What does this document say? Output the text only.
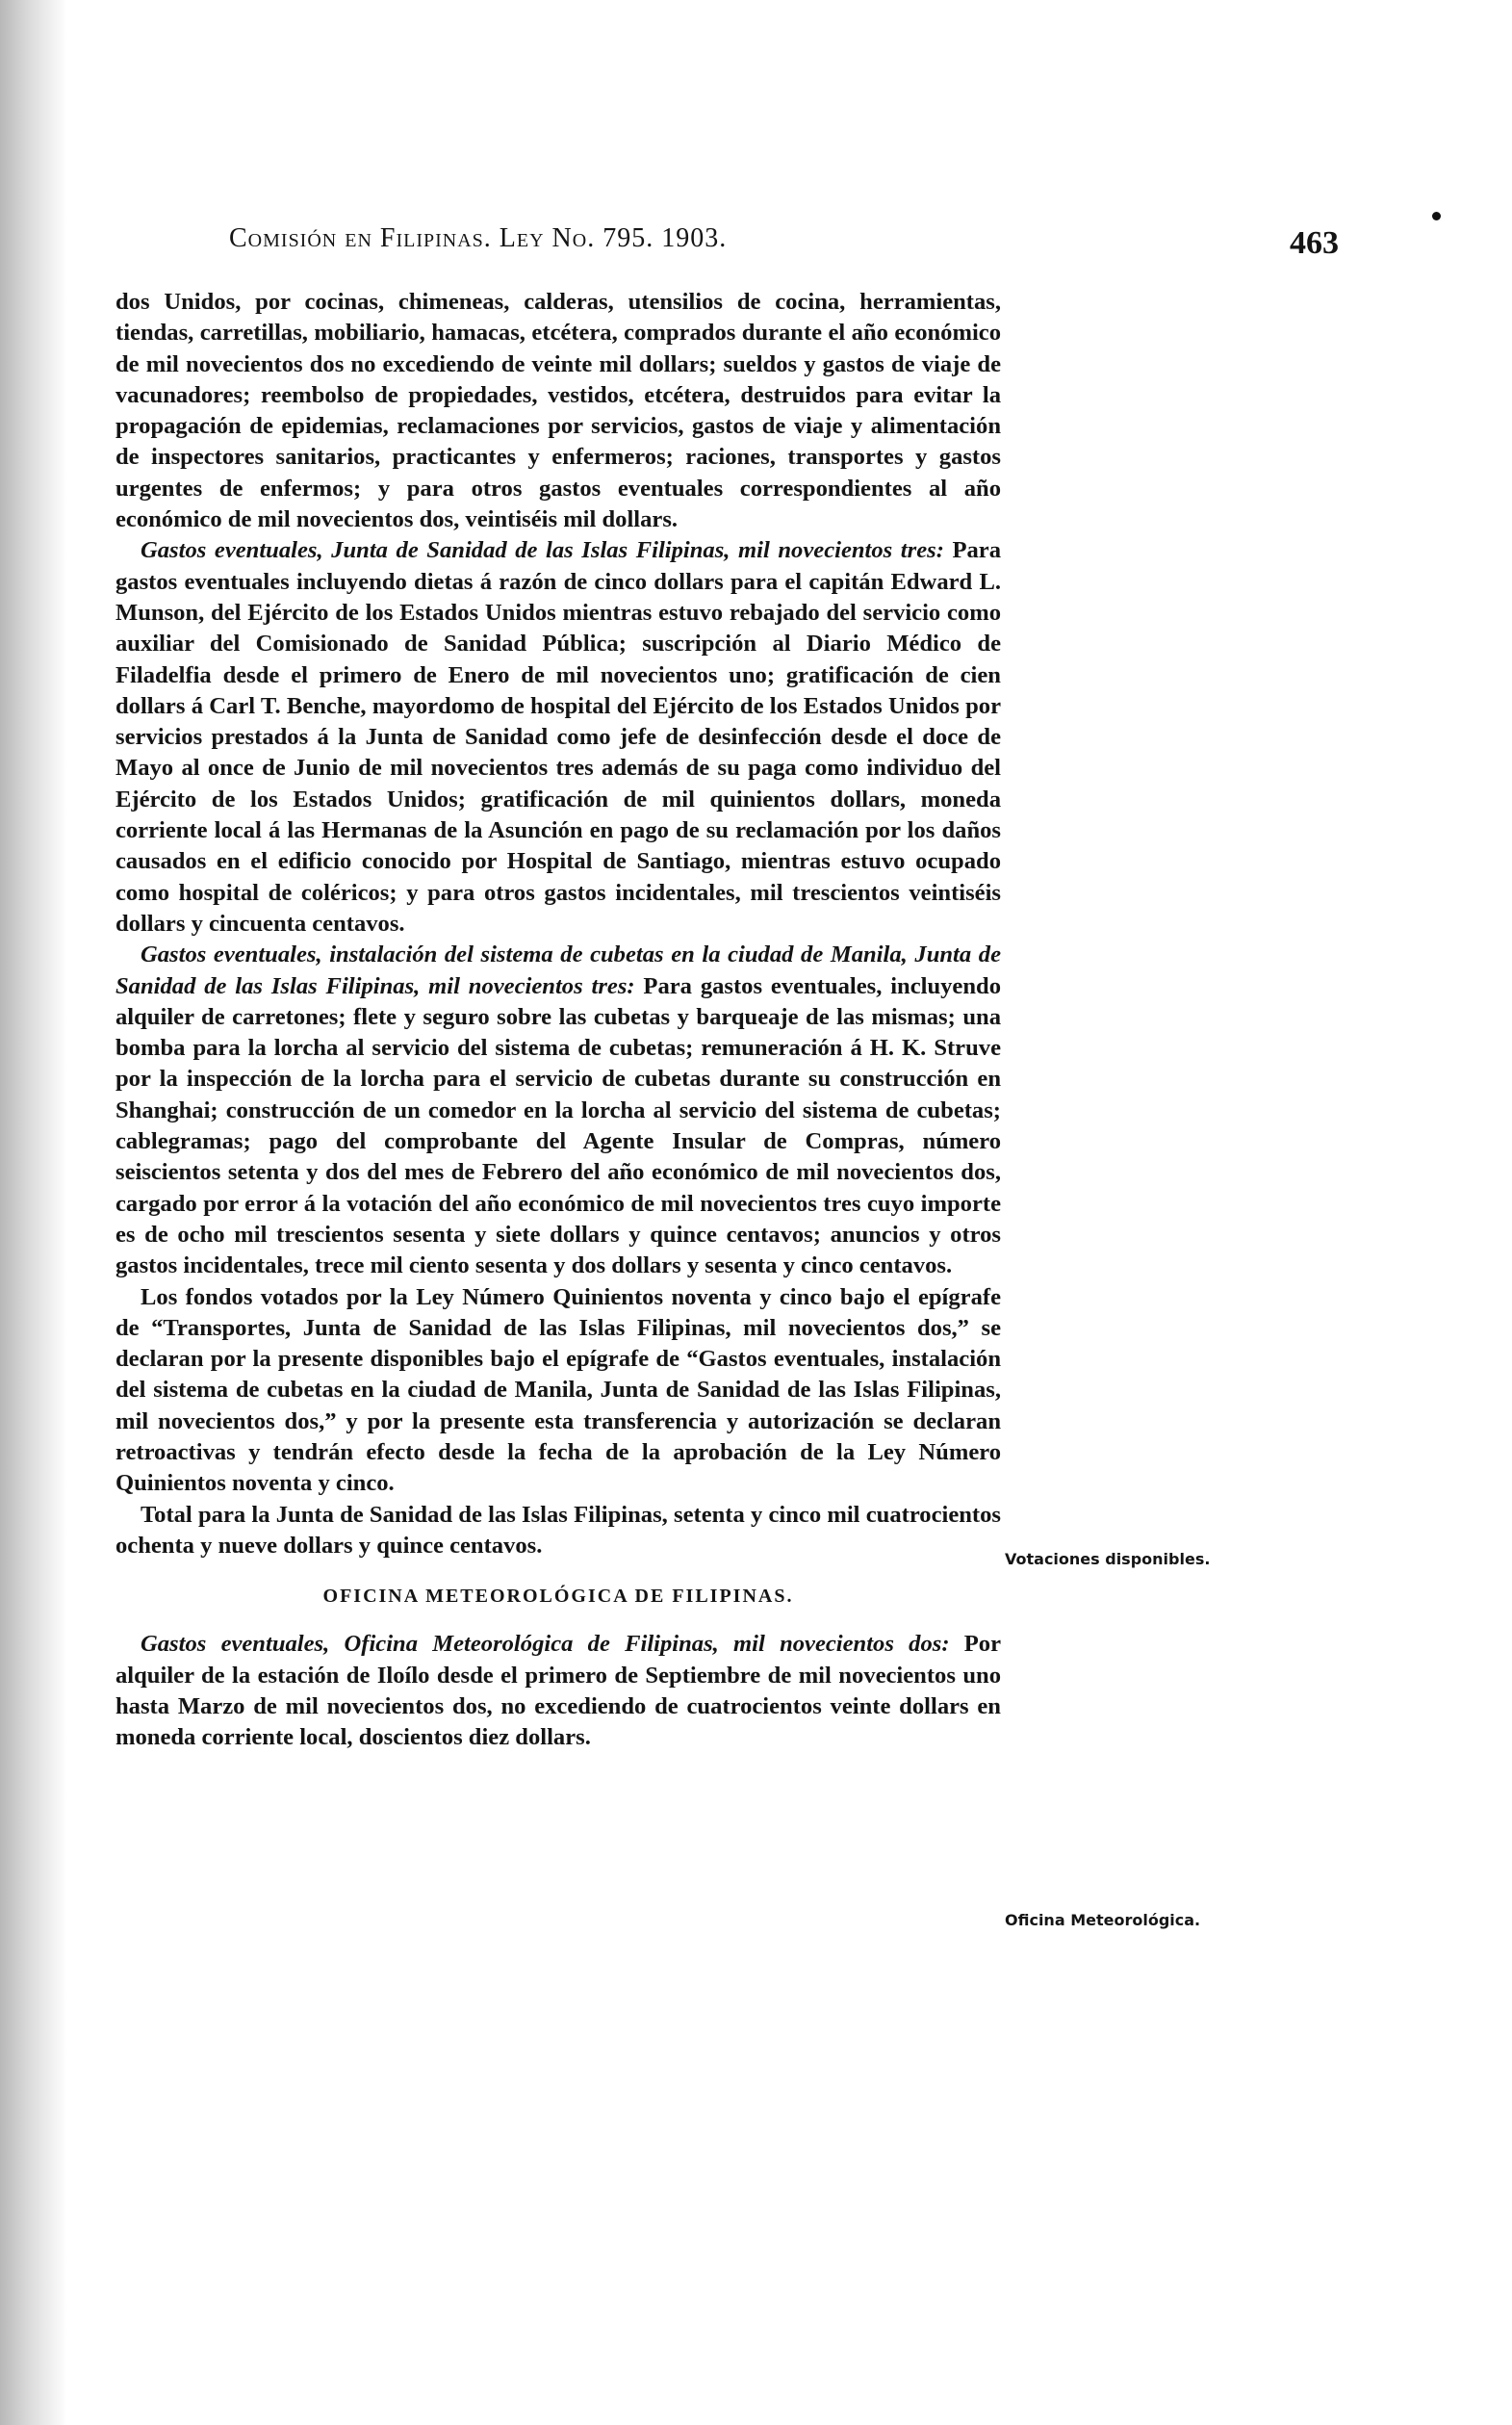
Comisión en Filipinas. Ley No. 795. 1903.	463

dos Unidos, por cocinas, chimeneas, calderas, utensilios de cocina, herramientas, tiendas, carretillas, mobiliario, hamacas, etcétera, comprados durante el año económico de mil novecientos dos no excediendo de veinte mil dollars; sueldos y gastos de viaje de vacunadores; reembolso de propiedades, vestidos, etcétera, destruidos para evitar la propagación de epidemias, reclamaciones por servicios, gastos de viaje y alimentación de inspectores sanitarios, practicantes y enfermeros; raciones, transportes y gastos urgentes de enfermos; y para otros gastos eventuales correspondientes al año económico de mil novecientos dos, veintiséis mil dollars.

Gastos eventuales, Junta de Sanidad de las Islas Filipinas, mil novecientos tres: Para gastos eventuales incluyendo dietas á razón de cinco dollars para el capitán Edward L. Munson, del Ejército de los Estados Unidos mientras estuvo rebajado del servicio como auxiliar del Comisionado de Sanidad Pública; suscripción al Diario Médico de Filadelfia desde el primero de Enero de mil novecientos uno; gratificación de cien dollars á Carl T. Benche, mayordomo de hospital del Ejército de los Estados Unidos por servicios prestados á la Junta de Sanidad como jefe de desinfección desde el doce de Mayo al once de Junio de mil novecientos tres además de su paga como individuo del Ejército de los Estados Unidos; gratificación de mil quinientos dollars, moneda corriente local á las Hermanas de la Asunción en pago de su reclamación por los daños causados en el edificio conocido por Hospital de Santiago, mientras estuvo ocupado como hospital de coléricos; y para otros gastos incidentales, mil trescientos veintiséis dollars y cincuenta centavos.

Gastos eventuales, instalación del sistema de cubetas en la ciudad de Manila, Junta de Sanidad de las Islas Filipinas, mil novecientos tres: Para gastos eventuales, incluyendo alquiler de carretones; flete y seguro sobre las cubetas y barqueaje de las mismas; una bomba para la lorcha al servicio del sistema de cubetas; remuneración á H. K. Struve por la inspección de la lorcha para el servicio de cubetas durante su construcción en Shanghai; construcción de un comedor en la lorcha al servicio del sistema de cubetas; cablegramas; pago del comprobante del Agente Insular de Compras, número seiscientos setenta y dos del mes de Febrero del año económico de mil novecientos dos, cargado por error á la votación del año económico de mil novecientos tres cuyo importe es de ocho mil trescientos sesenta y siete dollars y quince centavos; anuncios y otros gastos incidentales, trece mil ciento sesenta y dos dollars y sesenta y cinco centavos.

Los fondos votados por la Ley Número Quinientos noventa y cinco bajo el epígrafe de “Transportes, Junta de Sanidad de las Islas Filipinas, mil novecientos dos,” se declaran por la presente disponibles bajo el epígrafe de “Gastos eventuales, instalación del sistema de cubetas en la ciudad de Manila, Junta de Sanidad de las Islas Filipinas, mil novecientos dos,” y por la presente esta transferencia y autorización se declaran retroactivas y tendrán efecto desde la fecha de la aprobación de la Ley Número Quinientos noventa y cinco.

Total para la Junta de Sanidad de las Islas Filipinas, setenta y cinco mil cuatrocientos ochenta y nueve dollars y quince centavos.

OFICINA METEOROLÓGICA DE FILIPINAS.

Gastos eventuales, Oficina Meteorológica de Filipinas, mil novecientos dos: Por alquiler de la estación de Iloílo desde el primero de Septiembre de mil novecientos uno hasta Marzo de mil novecientos dos, no excediendo de cuatrocientos veinte dollars en moneda corriente local, doscientos diez dollars.

Votaciones disponibles.
Oficina Meteorológica.
